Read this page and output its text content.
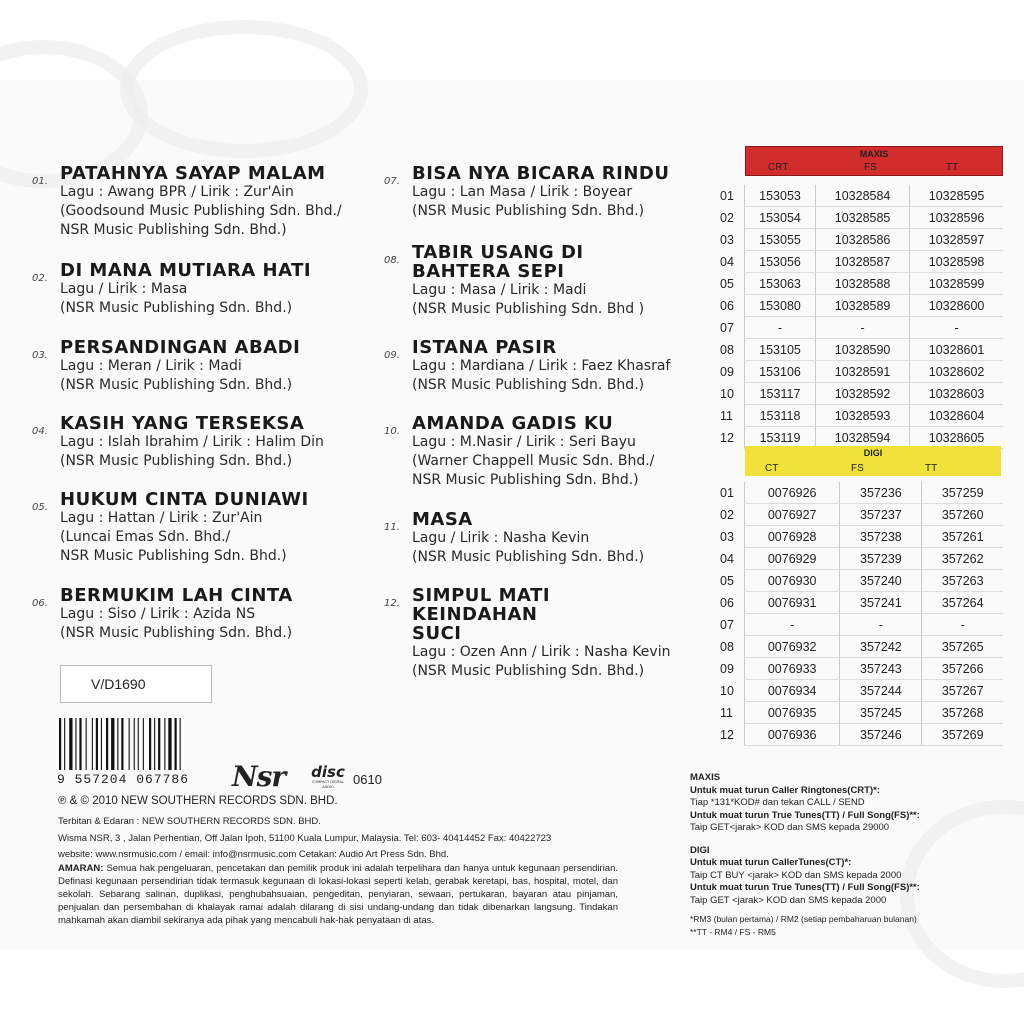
01. PATAHNYA SAYAP MALAM
Lagu : Awang BPR / Lirik : Zur'Ain
(Goodsound Music Publishing Sdn. Bhd./
NSR Music Publishing Sdn. Bhd.)
02. DI MANA MUTIARA HATI
Lagu / Lirik : Masa
(NSR Music Publishing Sdn. Bhd.)
03. PERSANDINGAN ABADI
Lagu : Meran / Lirik : Madi
(NSR Music Publishing Sdn. Bhd.)
04. KASIH YANG TERSEKSA
Lagu : Islah Ibrahim / Lirik : Halim Din
(NSR Music Publishing Sdn. Bhd.)
05. HUKUM CINTA DUNIAWI
Lagu : Hattan / Lirik : Zur'Ain
(Luncai Emas Sdn. Bhd./
NSR Music Publishing Sdn. Bhd.)
06. BERMUKIM LAH CINTA
Lagu : Siso / Lirik : Azida NS
(NSR Music Publishing Sdn. Bhd.)
07. BISA NYA BICARA RINDU
Lagu : Lan Masa / Lirik : Boyear
(NSR Music Publishing Sdn. Bhd.)
08. TABIR USANG DI BAHTERA SEPI
Lagu : Masa / Lirik : Madi
(NSR Music Publishing Sdn. Bhd )
09. ISTANA PASIR
Lagu : Mardiana / Lirik : Faez Khasraf
(NSR Music Publishing Sdn. Bhd.)
10. AMANDA GADIS KU
Lagu : M.Nasir / Lirik : Seri Bayu
(Warner Chappell Music Sdn. Bhd./
NSR Music Publishing Sdn. Bhd.)
11. MASA
Lagu / Lirik : Nasha Kevin
(NSR Music Publishing Sdn. Bhd.)
12. SIMPUL MATI KEINDAHAN SUCI
Lagu : Ozen Ann / Lirik : Nasha Kevin
(NSR Music Publishing Sdn. Bhd.)
MAXIS
CRT	FS	TT
01	153053	10328584	10328595
02	153054	10328585	10328596
03	153055	10328586	10328597
04	153056	10328587	10328598
05	153063	10328588	10328599
06	153080	10328589	10328600
07	-	-	-
08	153105	10328590	10328601
09	153106	10328591	10328602
10	153117	10328592	10328603
11	153118	10328593	10328604
12	153119	10328594	10328605
DIGI
CT	FS	TT
01	0076926	357236	357259
02	0076927	357237	357260
03	0076928	357238	357261
04	0076929	357239	357262
05	0076930	357240	357263
06	0076931	357241	357264
07	-	-	-
08	0076932	357242	357265
09	0076933	357243	357266
10	0076934	357244	357267
11	0076935	357245	357268
12	0076936	357246	357269
V/D1690
9 557204 067786 Nsr disc
COMPACT DIGITAL AUDIO	0610
℗ & © 2010 NEW SOUTHERN RECORDS SDN. BHD.
Terbitan & Edaran : NEW SOUTHERN RECORDS SDN. BHD.
Wisma NSR, 3 , Jalan Perhentian, Off Jalan Ipoh, 51100 Kuala Lumpur, Malaysia. Tel: 603- 40414452 Fax: 40422723
website: www.nsrmusic.com / email: info@nsrmusic.com Cetakan: Audio Art Press Sdn. Bhd.
AMARAN: Semua hak pengeluaran, pencetakan dan pemilik produk ini adalah terpelihara dan hanya untuk kegunaan persendirian. Definasi kegunaan persendirian tidak termasuk kegunaan di lokasi-lokasi seperti kelab, gerabak keretapi, bas, hospital, motel, dan sekolah. Sebarang salinan, duplikasi, penghubahsuaian, pengeditan, penyiaran, sewaan, pertukaran, bayaran atau pinjaman, penjualan dan persembahan di khalayak ramai adalah dilarang di sisi undang-undang dan tidak dibenarkan langsung. Tindakan mahkamah akan diambil sekiranya ada pihak yang mencabuli hak-hak penyataan di atas.
MAXIS
Untuk muat turun Caller Ringtones(CRT)*:
Tiap *131*KOD# dan tekan CALL / SEND
Untuk muat turun True Tunes(TT) / Full Song(FS)**:
Taip GET<jarak> KOD dan SMS kepada 29000
DIGI
Untuk muat turun CallerTunes(CT)*:
Taip CT BUY <jarak> KOD dan SMS kepada 2000
Untuk muat turun True Tunes(TT) / Full Song(FS)**:
Taip GET <jarak> KOD dan SMS kepada 2000
*RM3 (bulan pertama) / RM2 (setiap pembaharuan bulanan)
**TT - RM4 / FS - RM5
